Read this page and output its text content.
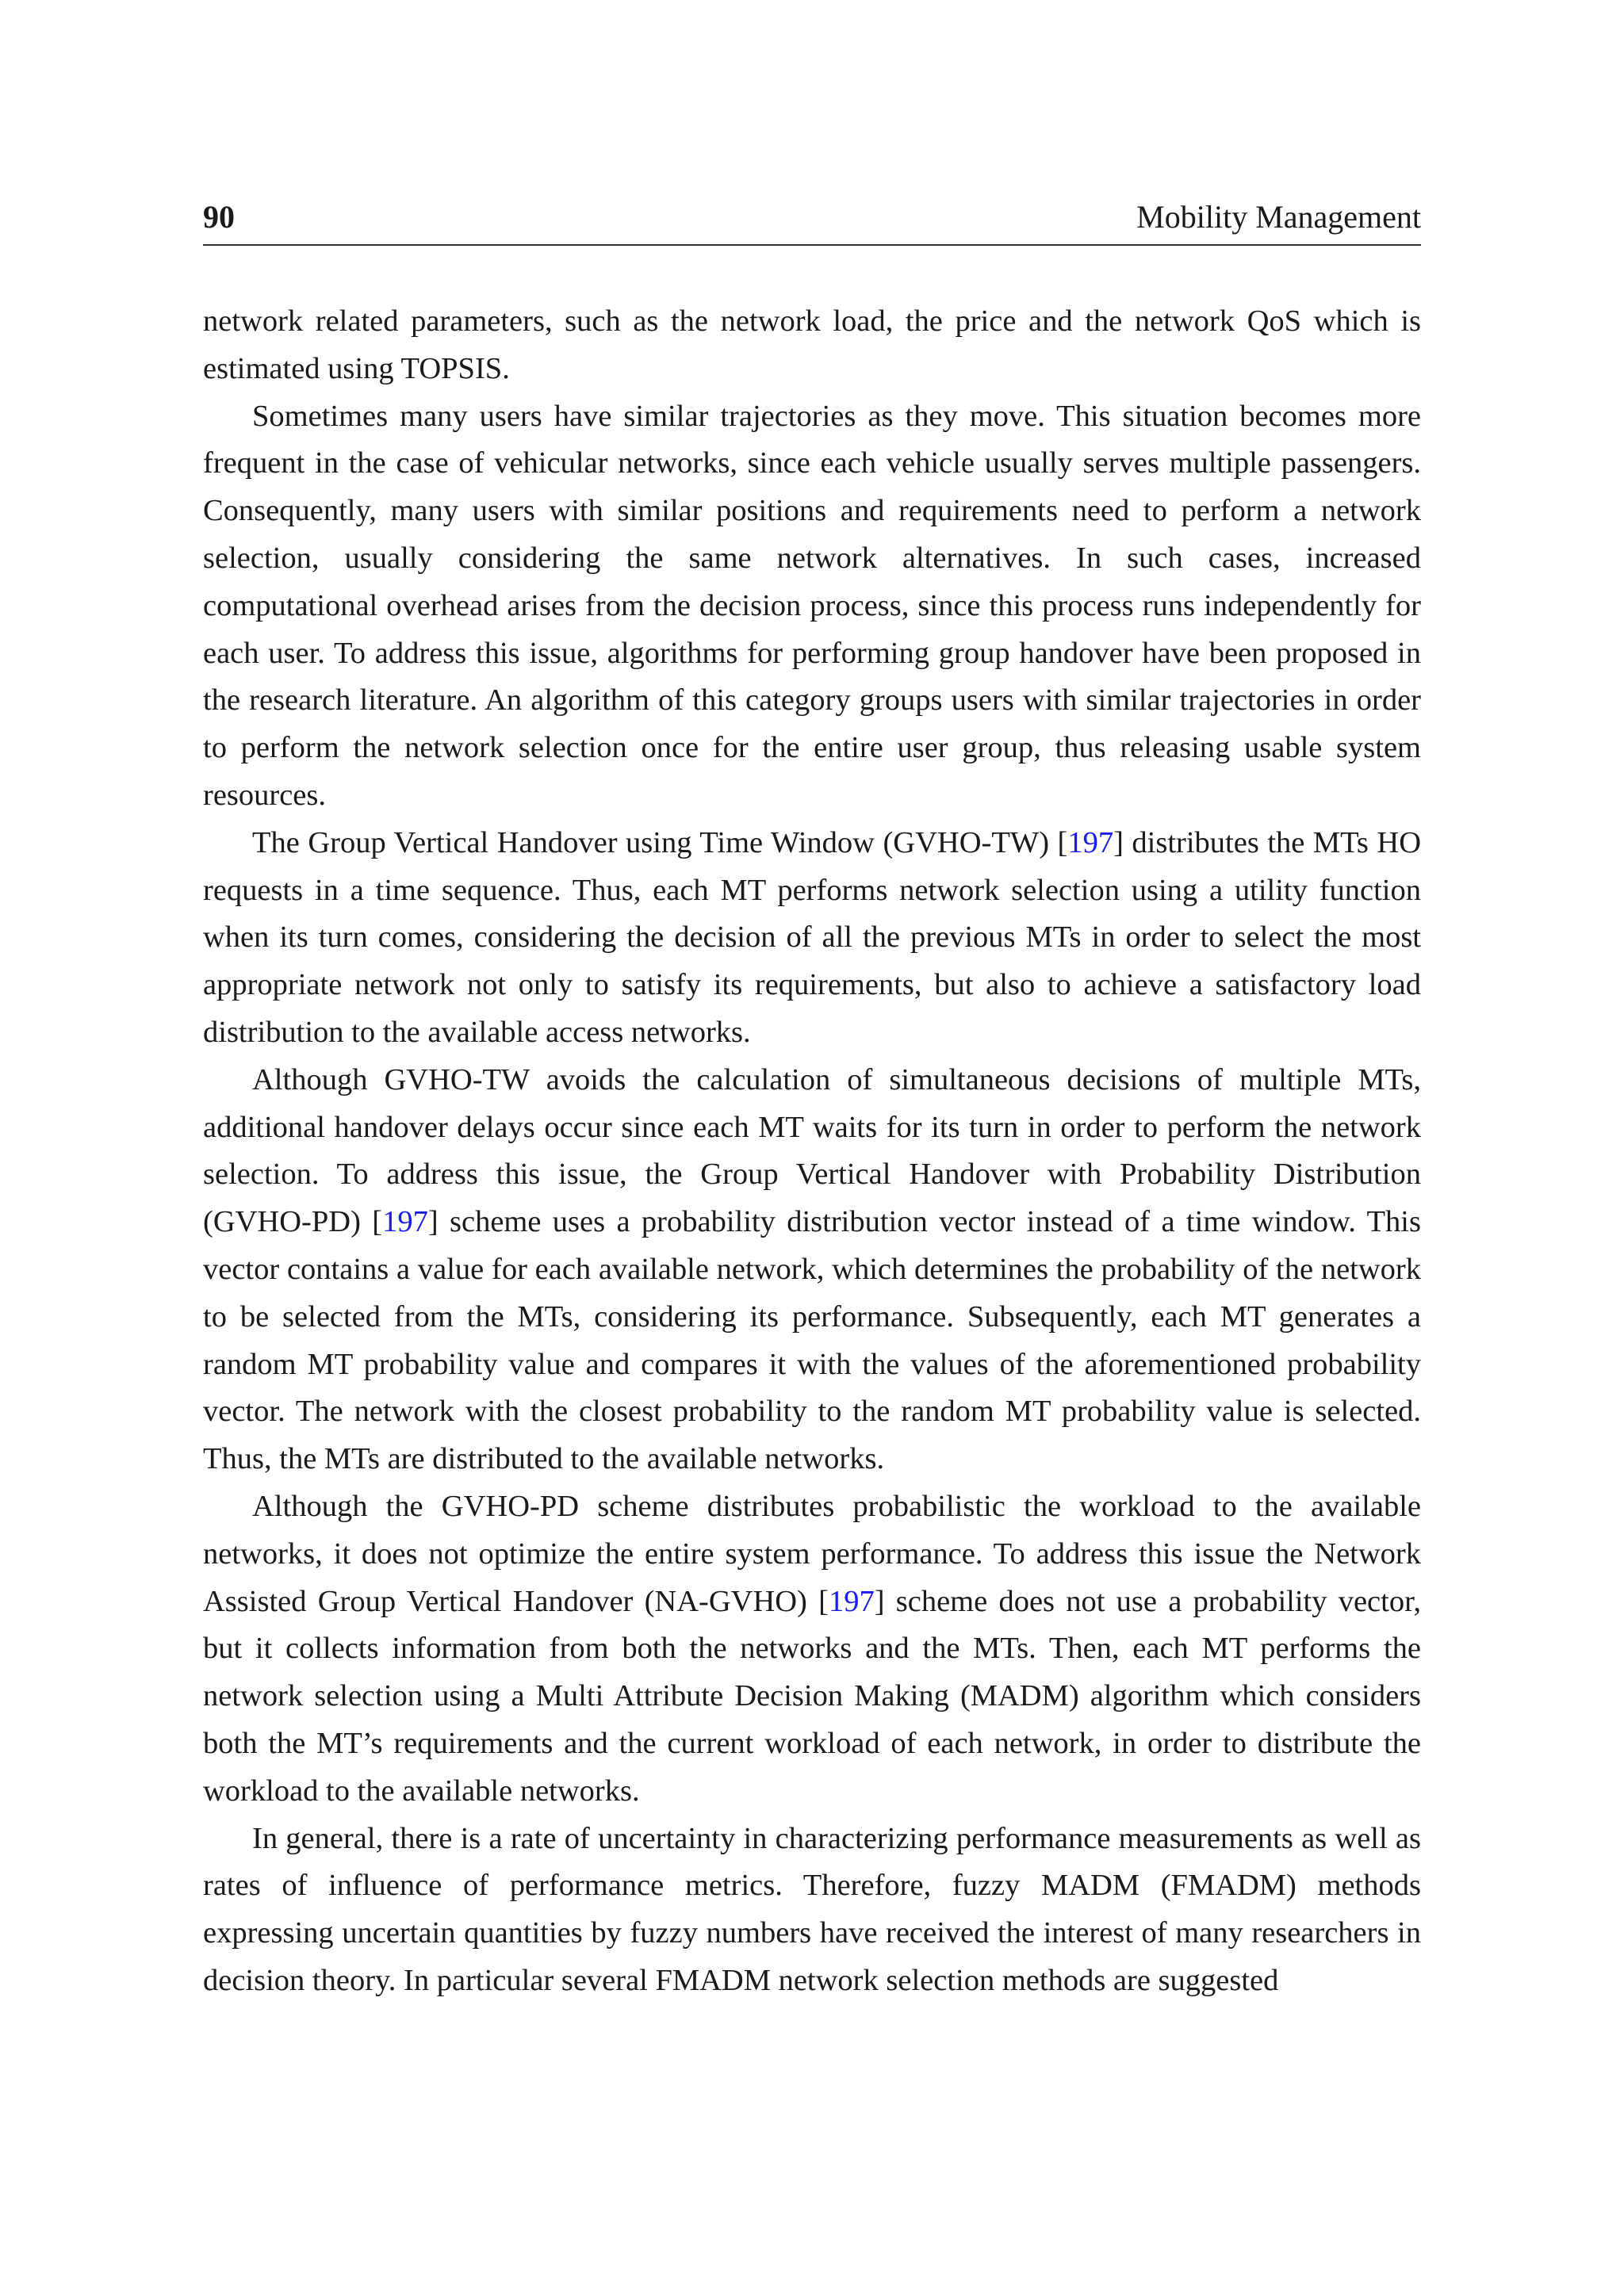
90	Mobility Management

network related parameters, such as the network load, the price and the network QoS which is estimated using TOPSIS.

Sometimes many users have similar trajectories as they move. This situation becomes more frequent in the case of vehicular networks, since each vehicle usually serves multiple passengers. Consequently, many users with similar positions and requirements need to perform a network selection, usually considering the same network alternatives. In such cases, increased computational overhead arises from the decision process, since this process runs independently for each user. To address this issue, algorithms for performing group handover have been proposed in the research literature. An algorithm of this category groups users with similar trajectories in order to perform the network selection once for the entire user group, thus releasing usable system resources.

The Group Vertical Handover using Time Window (GVHO-TW) [197] distributes the MTs HO requests in a time sequence. Thus, each MT performs network selection using a utility function when its turn comes, considering the decision of all the previous MTs in order to select the most appropriate network not only to satisfy its requirements, but also to achieve a satisfactory load distribution to the available access networks.

Although GVHO-TW avoids the calculation of simultaneous decisions of multiple MTs, additional handover delays occur since each MT waits for its turn in order to perform the network selection. To address this issue, the Group Vertical Handover with Probability Distribution (GVHO-PD) [197] scheme uses a probability distribution vector instead of a time window. This vector contains a value for each available network, which determines the probability of the network to be selected from the MTs, considering its performance. Subsequently, each MT generates a random MT probability value and compares it with the values of the aforementioned probability vector. The network with the closest probability to the random MT probability value is selected. Thus, the MTs are distributed to the available networks.

Although the GVHO-PD scheme distributes probabilistic the workload to the available networks, it does not optimize the entire system performance. To address this issue the Network Assisted Group Vertical Handover (NA-GVHO) [197] scheme does not use a probability vector, but it collects information from both the networks and the MTs. Then, each MT performs the network selection using a Multi Attribute Decision Making (MADM) algorithm which considers both the MT’s requirements and the current workload of each network, in order to distribute the workload to the available networks.

In general, there is a rate of uncertainty in characterizing performance measurements as well as rates of influence of performance metrics. Therefore, fuzzy MADM (FMADM) methods expressing uncertain quantities by fuzzy numbers have received the interest of many researchers in decision theory. In particular several FMADM network selection methods are suggested
